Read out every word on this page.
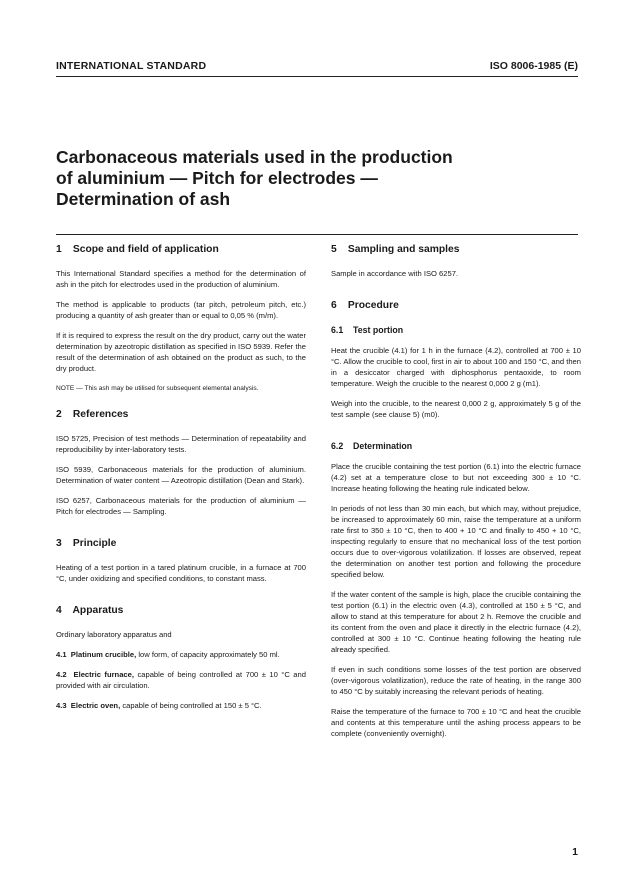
INTERNATIONAL STANDARD	ISO 8006-1985 (E)
Carbonaceous materials used in the production
of aluminium — Pitch for electrodes —
Determination of ash
1 Scope and field of application

This International Standard specifies a method for the determination of ash in the pitch for electrodes used in the production of aluminium.

The method is applicable to products (tar pitch, petroleum pitch, etc.) producing a quantity of ash greater than or equal to 0,05 % (m/m).

If it is required to express the result on the dry product, carry out the water determination by azeotropic distillation as specified in ISO 5939. Refer the result of the determination of ash obtained on the product as such, to the dry product.

NOTE — This ash may be utilised for subsequent elemental analysis.

2 References

ISO 5725, Precision of test methods — Determination of repeatability and reproducibility by inter-laboratory tests.

ISO 5939, Carbonaceous materials for the production of aluminium. Determination of water content — Azeotropic distillation (Dean and Stark).

ISO 6257, Carbonaceous materials for the production of aluminium — Pitch for electrodes — Sampling.

3 Principle

Heating of a test portion in a tared platinum crucible, in a furnace at 700 °C, under oxidizing and specified conditions, to constant mass.

4 Apparatus

Ordinary laboratory apparatus and

4.1 Platinum crucible, low form, of capacity approximately 50 ml.

4.2 Electric furnace, capable of being controlled at 700 ± 10 °C and provided with air circulation.

4.3 Electric oven, capable of being controlled at 150 ± 5 °C.

5 Sampling and samples

Sample in accordance with ISO 6257.

6 Procedure
6.1 Test portion

Heat the crucible (4.1) for 1 h in the furnace (4.2), controlled at 700 ± 10 °C. Allow the crucible to cool, first in air to about 100 and 150 °C, and then in a desiccator charged with diphosphorus pentaoxide, to room temperature. Weigh the crucible to the nearest 0,000 2 g (m1).

Weigh into the crucible, to the nearest 0,000 2 g, approximately 5 g of the test sample (see clause 5) (m0).

6.2 Determination

Place the crucible containing the test portion (6.1) into the electric furnace (4.2) set at a temperature close to but not exceeding 300 ± 10 °C. Increase heating following the heating rule indicated below.

In periods of not less than 30 min each, but which may, without prejudice, be increased to approximately 60 min, raise the temperature at a uniform rate first to 350 ± 10 °C, then to 400 + 10 °C and finally to 450 + 10 °C, inspecting regularly to ensure that no mechanical loss of the test portion occurs due to over-vigorous volatilization. If losses are observed, repeat the determination on another test portion and following the procedure specified below.

If the water content of the sample is high, place the crucible containing the test portion (6.1) in the electric oven (4.3), controlled at 150 ± 5 °C, and allow to stand at this temperature for about 2 h. Remove the crucible and its content from the oven and place it directly in the electric furnace (4.2), controlled at 300 ± 10 °C. Continue heating following the heating rule already specified.

If even in such conditions some losses of the test portion are observed (over-vigorous volatilization), reduce the rate of heating, in the range 300 to 450 °C by suitably increasing the relevant periods of heating.

Raise the temperature of the furnace to 700 ± 10 °C and heat the crucible and contents at this temperature until the ashing process appears to be complete (conveniently overnight).

1
